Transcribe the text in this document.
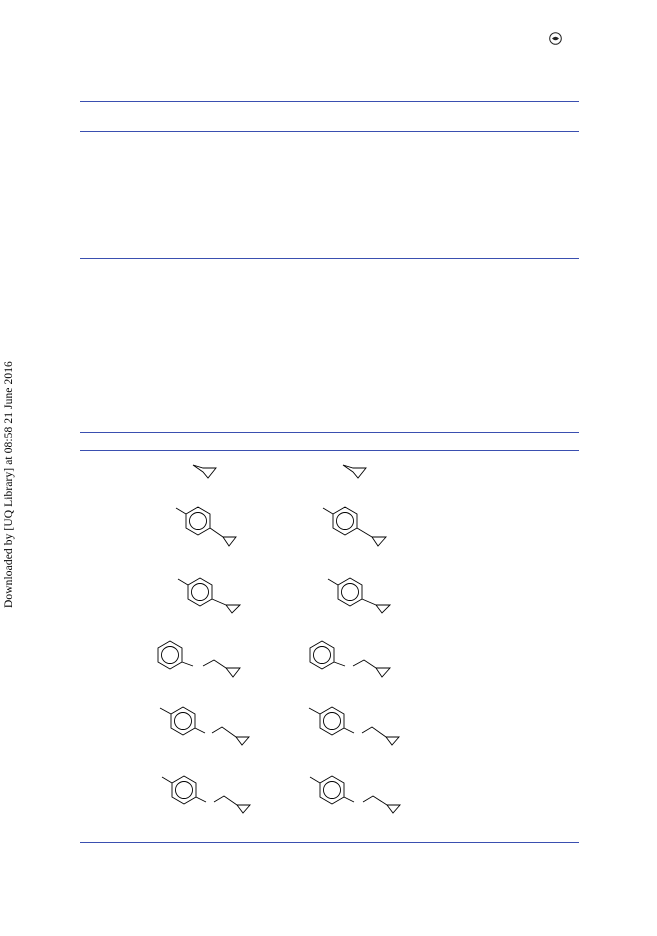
Downloaded by [UQ Library] at 08:58 21 June 2016
